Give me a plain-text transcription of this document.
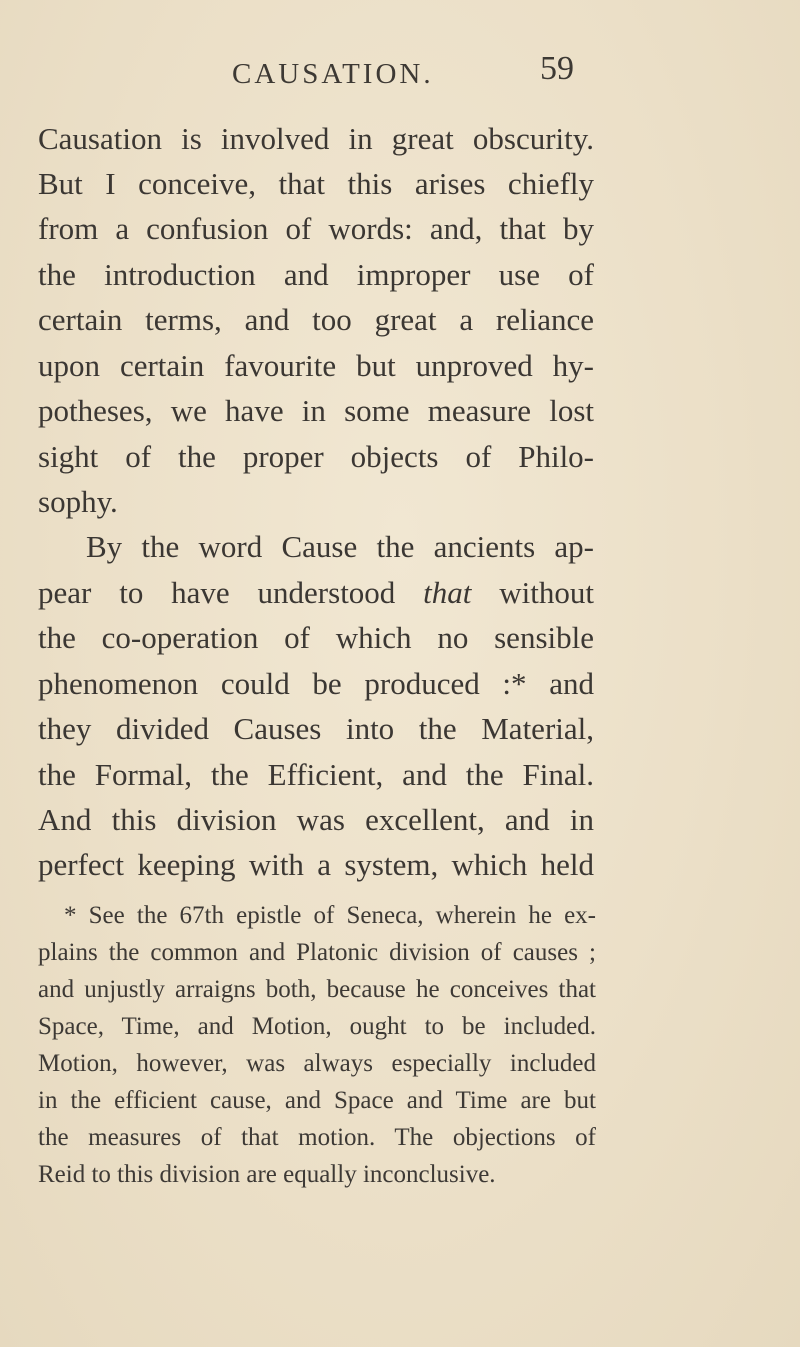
CAUSATION.	59
Causation is involved in great obscurity.
But I conceive, that this arises chiefly
from a confusion of words: and, that by
the introduction and improper use of
certain terms, and too great a reliance
upon certain favourite but unproved hy-
potheses, we have in some measure lost
sight of the proper objects of Philo-
sophy.
By the word Cause the ancients ap-
pear to have understood that without
the co-operation of which no sensible
phenomenon could be produced :* and
they divided Causes into the Material,
the Formal, the Efficient, and the Final.
And this division was excellent, and in
perfect keeping with a system, which held
* See the 67th epistle of Seneca, wherein he ex-
plains the common and Platonic division of causes ;
and unjustly arraigns both, because he conceives that
Space, Time, and Motion, ought to be included.
Motion, however, was always especially included
in the efficient cause, and Space and Time are but
the measures of that motion. The objections of
Reid to this division are equally inconclusive.
